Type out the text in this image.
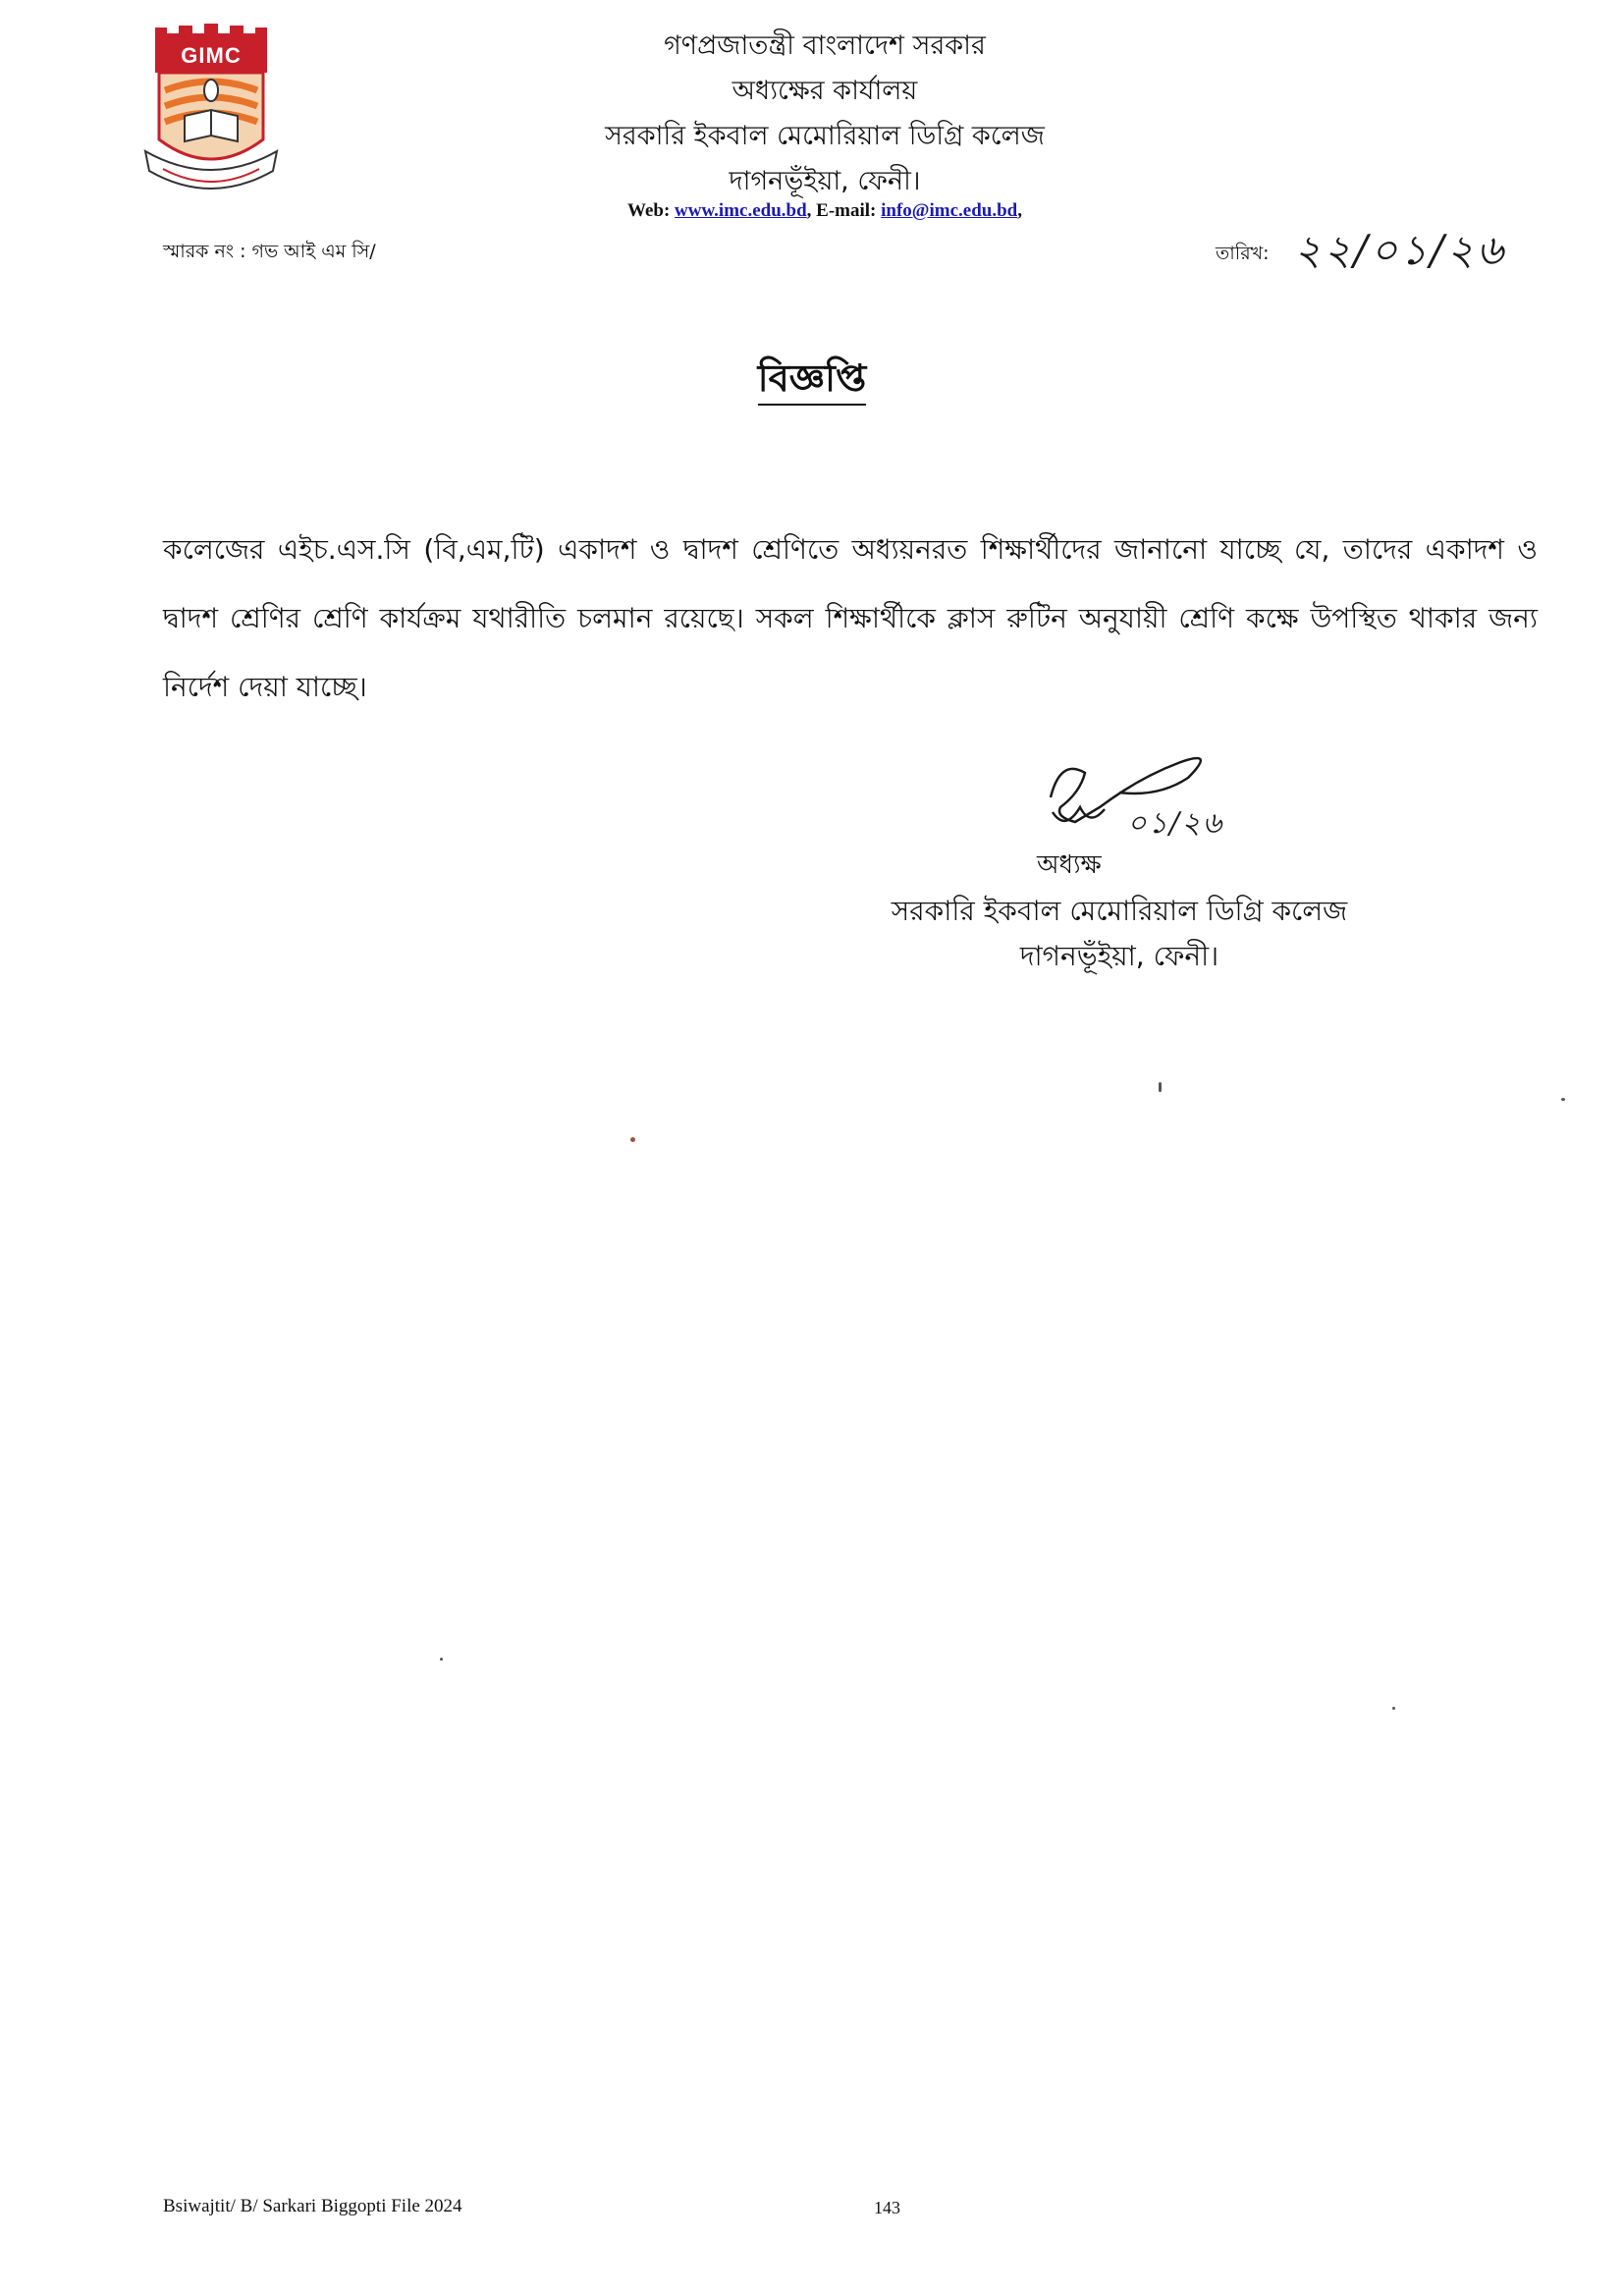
GIMC	গণপ্রজাতন্ত্রী বাংলাদেশ সরকার
অধ্যক্ষের কার্যালয়
সরকারি ইকবাল মেমোরিয়াল ডিগ্রি কলেজ
দাগনভূঁইয়া, ফেনী।
Web: www.imc.edu.bd, E-mail: info@imc.edu.bd,
স্মারক নং : গভ আই এম সি/	তারিখ: ২২/০১/২৬
বিজ্ঞপ্তি
কলেজের এইচ.এস.সি (বি,এম,টি) একাদশ ও দ্বাদশ শ্রেণিতে অধ্যয়নরত শিক্ষার্থীদের জানানো যাচ্ছে যে, তাদের একাদশ ও দ্বাদশ শ্রেণির শ্রেণি কার্যক্রম যথারীতি চলমান রয়েছে। সকল শিক্ষার্থীকে ক্লাস রুটিন অনুযায়ী শ্রেণি কক্ষে উপস্থিত থাকার জন্য নির্দেশ দেয়া যাচ্ছে।
০১/২৬
অধ্যক্ষ
সরকারি ইকবাল মেমোরিয়াল ডিগ্রি কলেজ
দাগনভূঁইয়া, ফেনী।
Bsiwajtit/ B/ Sarkari Biggopti File 2024	143
